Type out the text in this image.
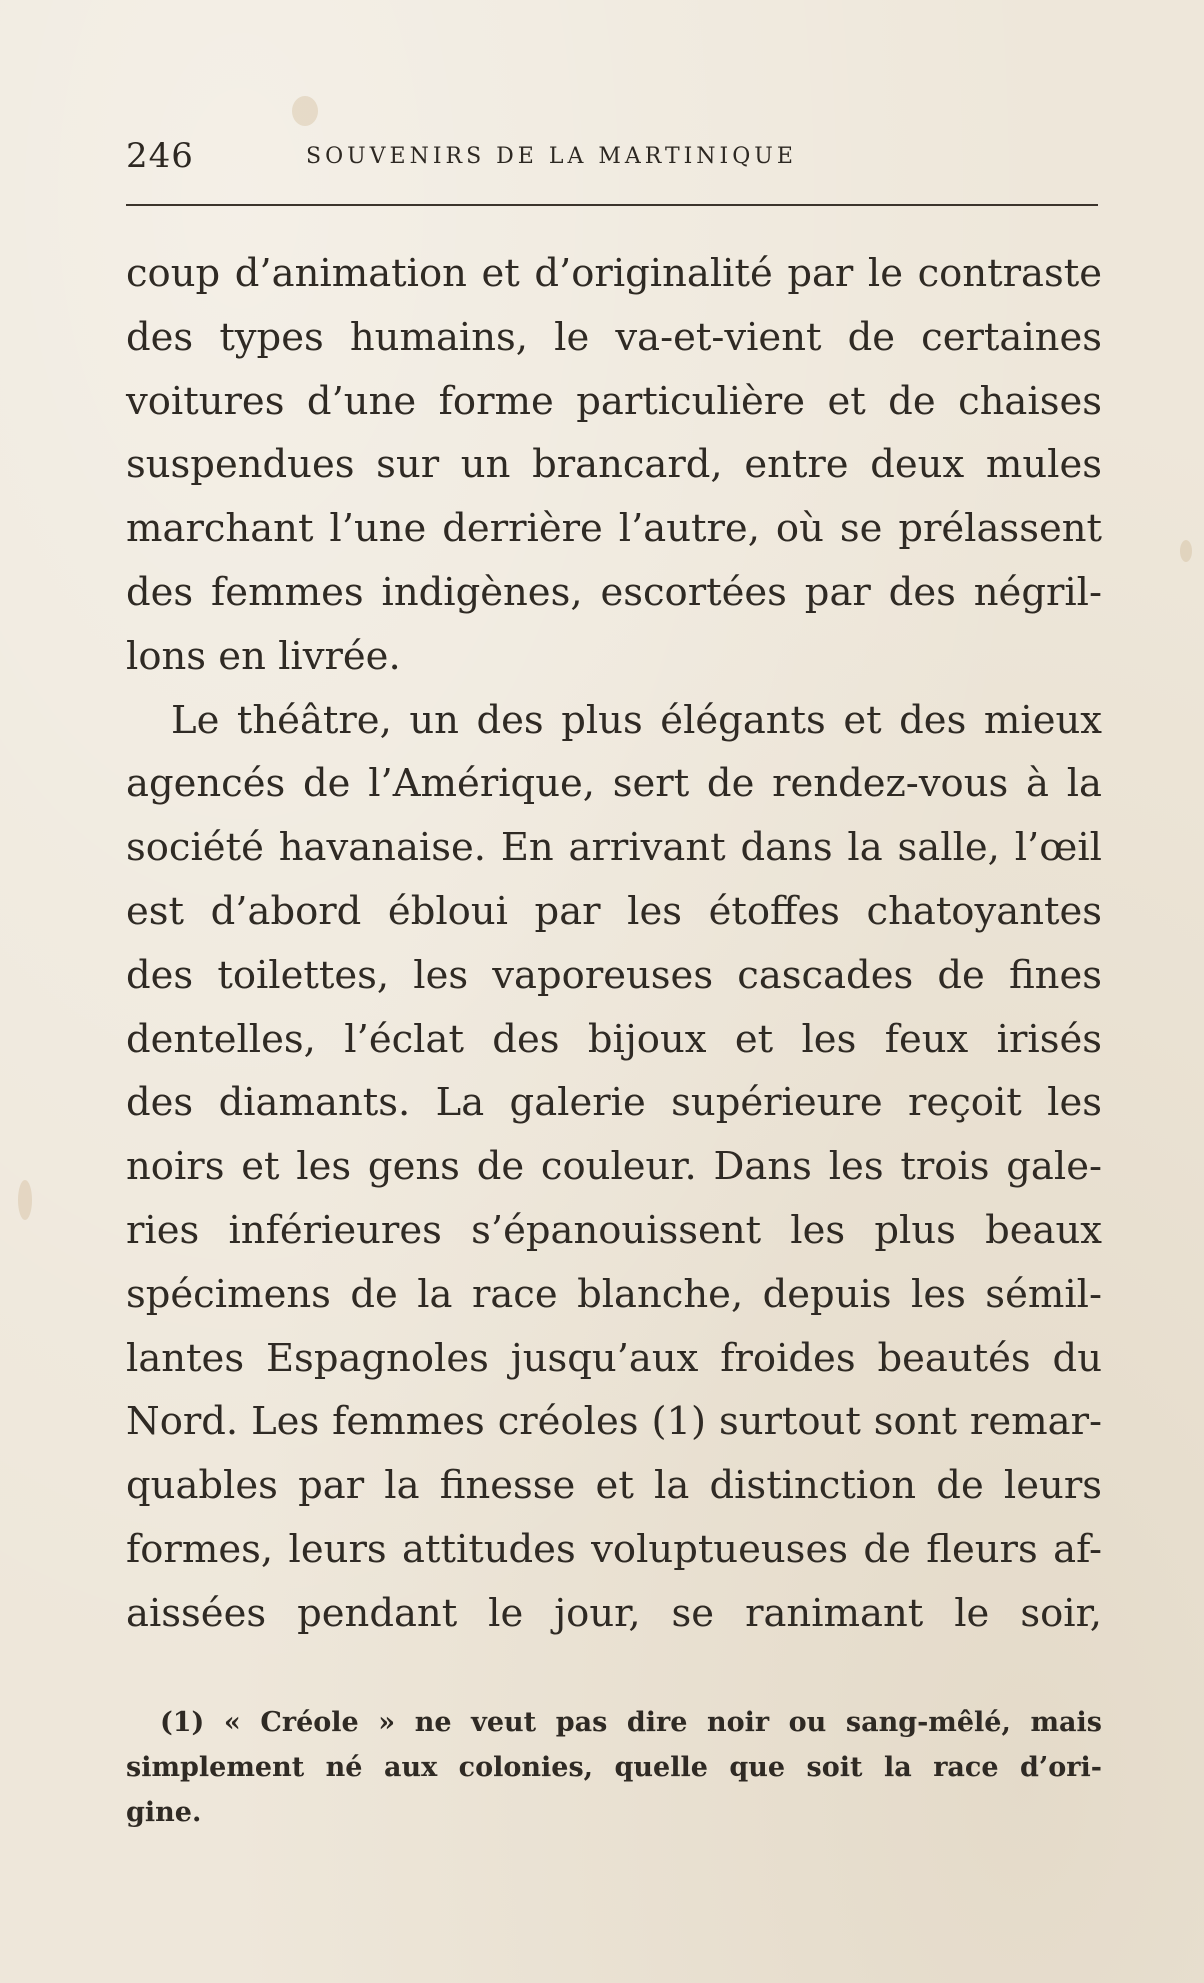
246	SOUVENIRS DE LA MARTINIQUE
coup d’animation et d’originalité par le contraste
des types humains, le va-et-vient de certaines
voitures d’une forme particulière et de chaises
suspendues sur un brancard, entre deux mules
marchant l’une derrière l’autre, où se prélassent
des femmes indigènes, escortées par des négril-
lons en livrée.
Le théâtre, un des plus élégants et des mieux
agencés de l’Amérique, sert de rendez-vous à la
société havanaise. En arrivant dans la salle, l’œil
est d’abord ébloui par les étoffes chatoyantes
des toilettes, les vaporeuses cascades de fines
dentelles, l’éclat des bijoux et les feux irisés
des diamants. La galerie supérieure reçoit les
noirs et les gens de couleur. Dans les trois gale-
ries inférieures s’épanouissent les plus beaux
spécimens de la race blanche, depuis les sémil-
lantes Espagnoles jusqu’aux froides beautés du
Nord. Les femmes créoles (1) surtout sont remar-
quables par la finesse et la distinction de leurs
formes, leurs attitudes voluptueuses de fleurs af-
aissées pendant le jour, se ranimant le soir,
(1) « Créole » ne veut pas dire noir ou sang-mêlé, mais
simplement né aux colonies, quelle que soit la race d’ori-
gine.
